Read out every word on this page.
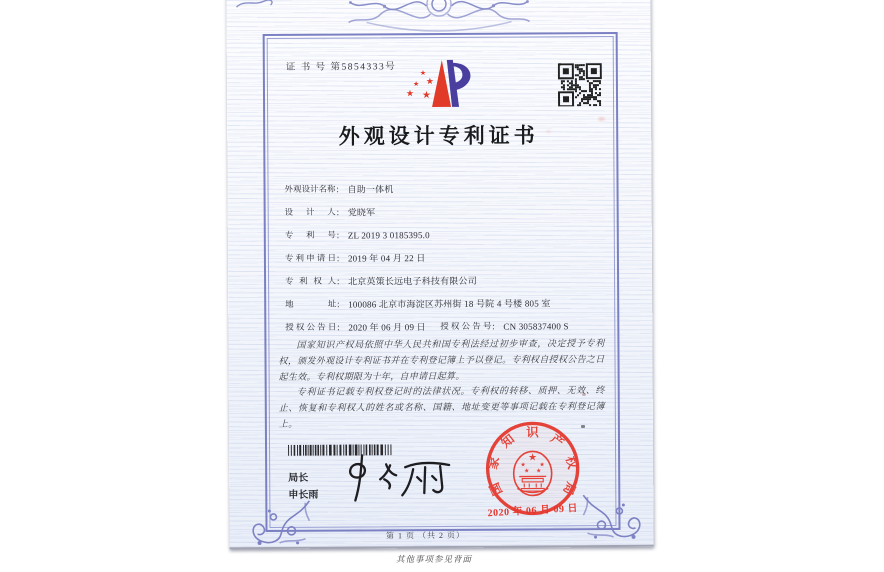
证 书 号 第5854333号
★
★
★
★ ★
外观设计专利证书
外观设计名称： 自助一体机
设计人： 党晓军
专利号： ZL 2019 3 0185395.0
专利申请日： 2019 年 04 月 22 日
专利权人： 北京英策长远电子科技有限公司
地址： 100086 北京市海淀区苏州街 18 号院 4 号楼 805 室
授权公告日： 2020 年 06 月 09 日 授权公告号： CN 305837400 S

国家知识产权局依照中华人民共和国专利法经过初步审查，决定授予专利权，颁发外观设计专利证书并在专利登记簿上予以登记。专利权自授权公告之日起生效。专利权期限为十年，自申请日起算。

专利证书记载专利权登记时的法律状况。专利权的转移、质押、无效、终止、恢复和专利权人的姓名或名称、国籍、地址变更等事项记载在专利登记簿上。

局长
申长雨	国
家
知 识 产
权
局
★
★ ★
★ ★
2020 年 06 月 09 日
第 1 页 （共 2 页）
其他事项参见背面
